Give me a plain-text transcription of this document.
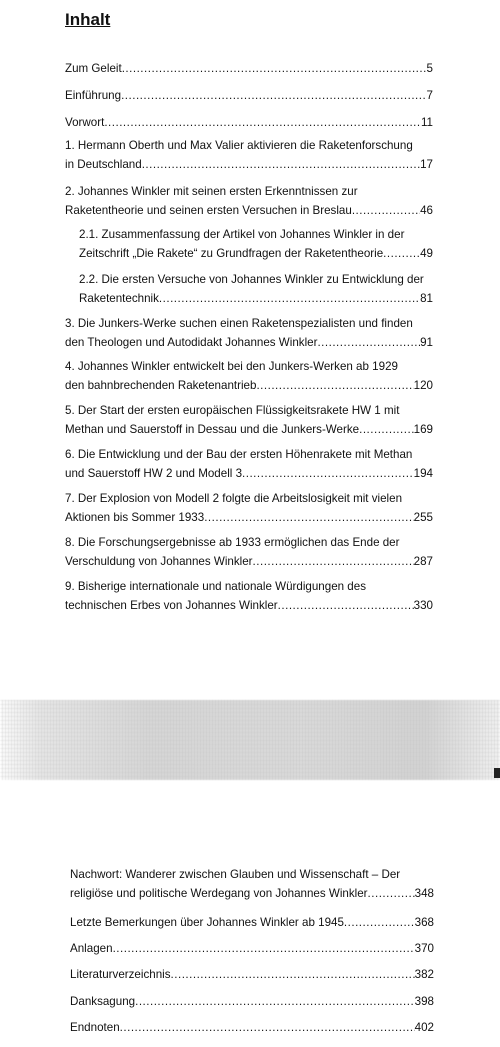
Inhalt
Zum Geleit .....	5
Einführung .....	7
Vorwort .....	11
1. Hermann Oberth und Max Valier aktivieren die Raketenforschung
in Deutschland .....	17
2. Johannes Winkler mit seinen ersten Erkenntnissen zur
Raketentheorie und seinen ersten Versuchen in Breslau .....	46
2.1. Zusammenfassung der Artikel von Johannes Winkler in der
Zeitschrift „Die Rakete“ zu Grundfragen der Raketentheorie .....	49
2.2. Die ersten Versuche von Johannes Winkler zu Entwicklung der
Raketentechnik .....	81
3. Die Junkers-Werke suchen einen Raketenspezialisten und finden
den Theologen und Autodidakt Johannes Winkler .....	91
4. Johannes Winkler entwickelt bei den Junkers-Werken ab 1929
den bahnbrechenden Raketenantrieb .....	120
5. Der Start der ersten europäischen Flüssigkeitsrakete HW 1 mit
Methan und Sauerstoff in Dessau und die Junkers-Werke .....	169
6. Die Entwicklung und der Bau der ersten Höhenrakete mit Methan
und Sauerstoff HW 2 und Modell 3 .....	194
7. Der Explosion von Modell 2 folgte die Arbeitslosigkeit mit vielen
Aktionen bis Sommer 1933 .....	255
8. Die Forschungsergebnisse ab 1933 ermöglichen das Ende der
Verschuldung von Johannes Winkler .....	287
9. Bisherige internationale und nationale Würdigungen des
technischen Erbes von Johannes Winkler .....	330
Nachwort: Wanderer zwischen Glauben und Wissenschaft – Der
religiöse und politische Werdegang von Johannes Winkler .....	348
Letzte Bemerkungen über Johannes Winkler ab 1945 .....	368
Anlagen .....	370
Literaturverzeichnis .....	382
Danksagung .....	398
Endnoten .....	402
